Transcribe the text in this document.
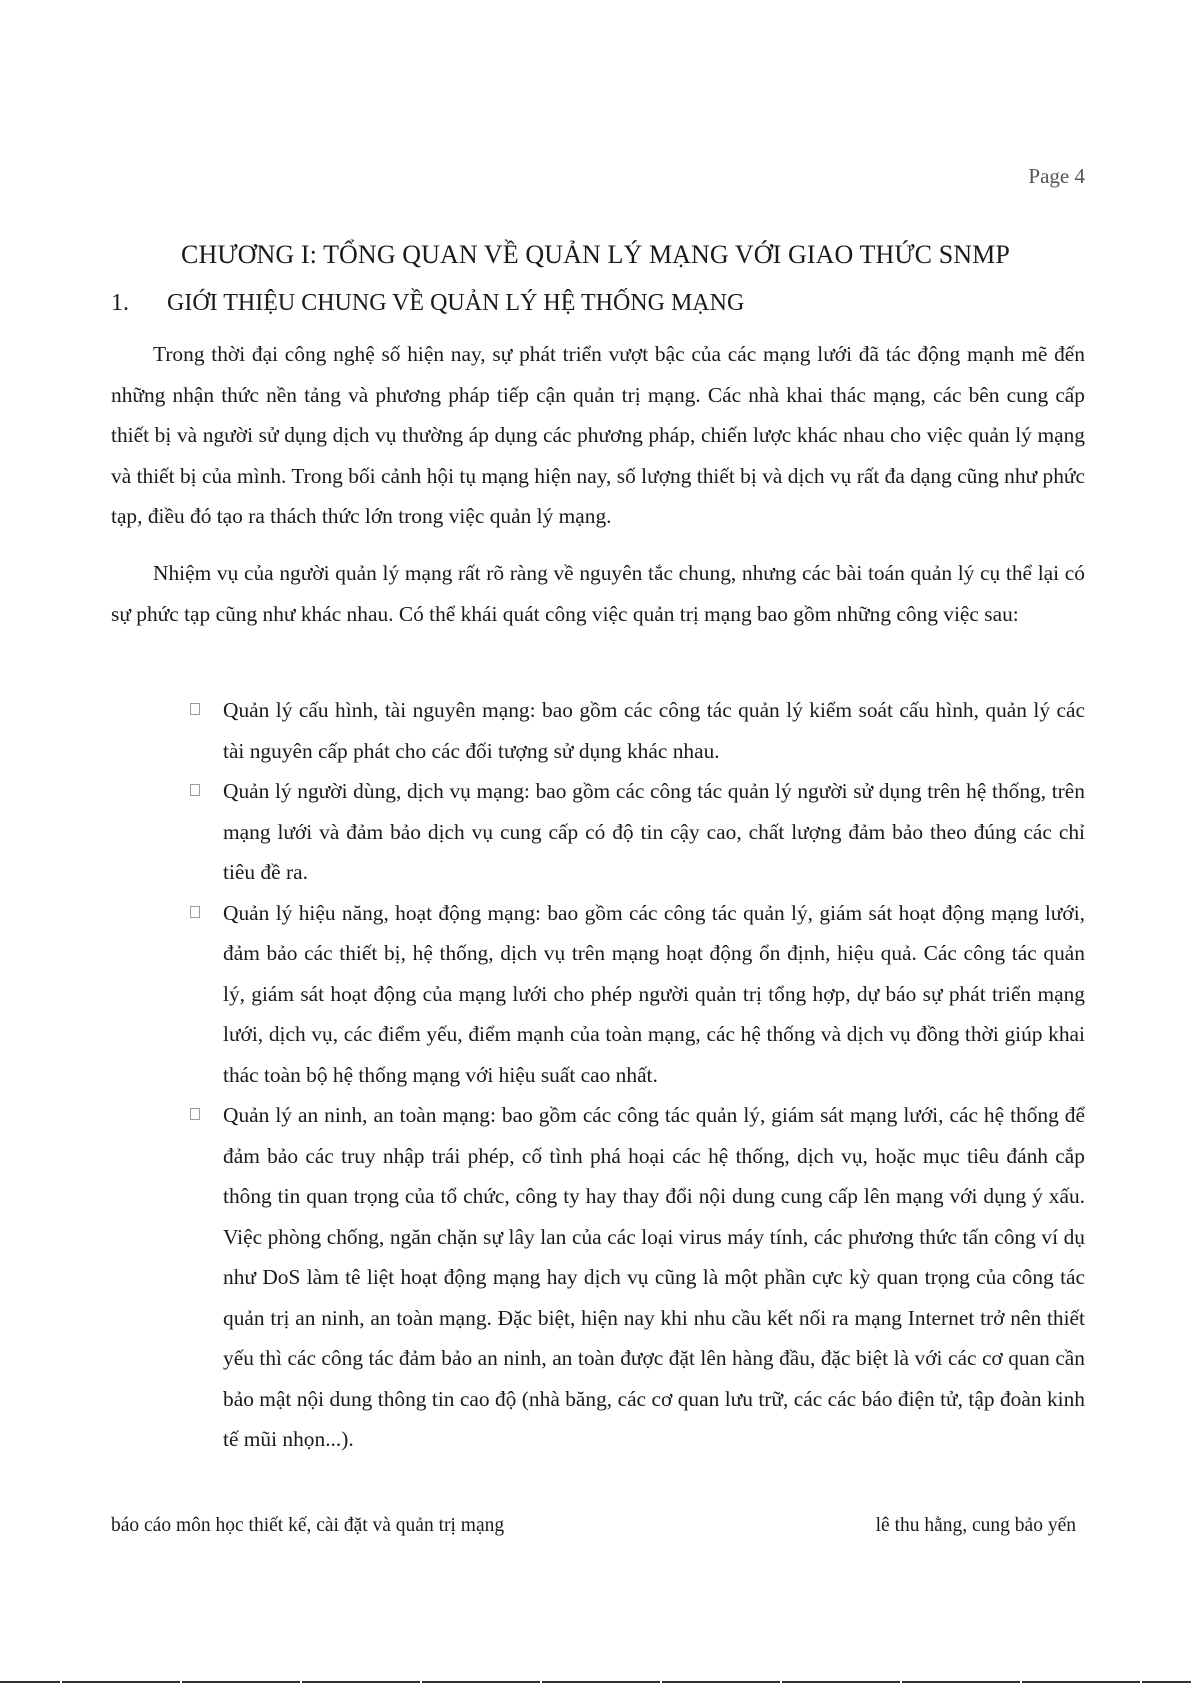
Page 4
CHƯƠNG I: TỔNG QUAN VỀ QUẢN LÝ MẠNG VỚI GIAO THỨC SNMP
1.	GIỚI THIỆU CHUNG VỀ QUẢN LÝ HỆ THỐNG MẠNG

Trong thời đại công nghệ số hiện nay, sự phát triển vượt bậc của các mạng lưới đã tác động mạnh mẽ đến những nhận thức nền tảng và phương pháp tiếp cận quản trị mạng. Các nhà khai thác mạng, các bên cung cấp thiết bị và người sử dụng dịch vụ thường áp dụng các phương pháp, chiến lược khác nhau cho việc quản lý mạng và thiết bị của mình. Trong bối cảnh hội tụ mạng hiện nay, số lượng thiết bị và dịch vụ rất đa dạng cũng như phức tạp, điều đó tạo ra thách thức lớn trong việc quản lý mạng.

Nhiệm vụ của người quản lý mạng rất rõ ràng về nguyên tắc chung, nhưng các bài toán quản lý cụ thể lại có sự phức tạp cũng như khác nhau. Có thể khái quát công việc quản trị mạng bao gồm những công việc sau:

Quản lý cấu hình, tài nguyên mạng: bao gồm các công tác quản lý kiểm soát cấu hình, quản lý các tài nguyên cấp phát cho các đối tượng sử dụng khác nhau.
Quản lý người dùng, dịch vụ mạng: bao gồm các công tác quản lý người sử dụng trên hệ thống, trên mạng lưới và đảm bảo dịch vụ cung cấp có độ tin cậy cao, chất lượng đảm bảo theo đúng các chỉ tiêu đề ra.
Quản lý hiệu năng, hoạt động mạng: bao gồm các công tác quản lý, giám sát hoạt động mạng lưới, đảm bảo các thiết bị, hệ thống, dịch vụ trên mạng hoạt động ổn định, hiệu quả. Các công tác quản lý, giám sát hoạt động của mạng lưới cho phép người quản trị tổng hợp, dự báo sự phát triển mạng lưới, dịch vụ, các điểm yếu, điểm mạnh của toàn mạng, các hệ thống và dịch vụ đồng thời giúp khai thác toàn bộ hệ thống mạng với hiệu suất cao nhất.
Quản lý an ninh, an toàn mạng: bao gồm các công tác quản lý, giám sát mạng lưới, các hệ thống để đảm bảo các truy nhập trái phép, cố tình phá hoại các hệ thống, dịch vụ, hoặc mục tiêu đánh cắp thông tin quan trọng của tổ chức, công ty hay thay đổi nội dung cung cấp lên mạng với dụng ý xấu. Việc phòng chống, ngăn chặn sự lây lan của các loại virus máy tính, các phương thức tấn công ví dụ như DoS làm tê liệt hoạt động mạng hay dịch vụ cũng là một phần cực kỳ quan trọng của công tác quản trị an ninh, an toàn mạng. Đặc biệt, hiện nay khi nhu cầu kết nối ra mạng Internet trở nên thiết yếu thì các công tác đảm bảo an ninh, an toàn được đặt lên hàng đầu, đặc biệt là với các cơ quan cần bảo mật nội dung thông tin cao độ (nhà băng, các cơ quan lưu trữ, các các báo điện tử, tập đoàn kinh tế mũi nhọn...).
báo cáo môn học thiết kế, cài đặt và quản trị mạng	lê thu hằng, cung bảo yến
